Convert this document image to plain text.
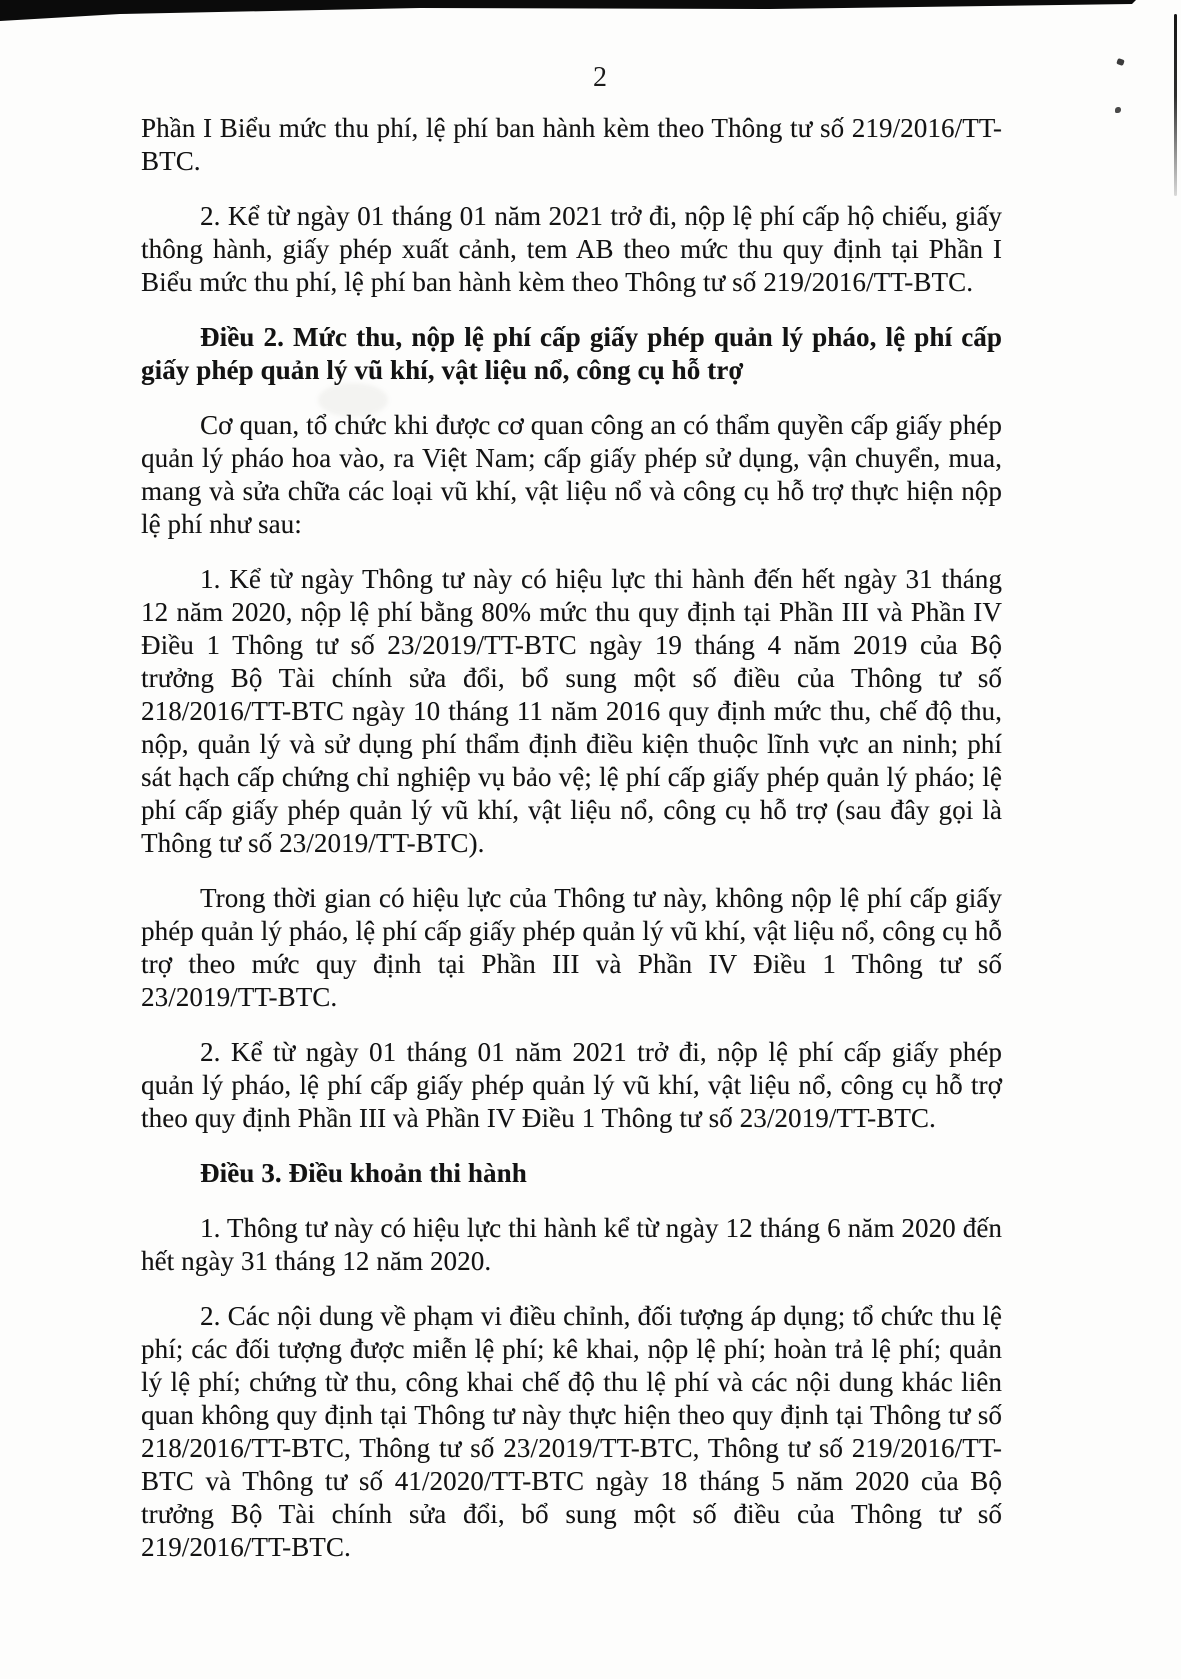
2

Phần I Biểu mức thu phí, lệ phí ban hành kèm theo Thông tư số 219/2016/TT-BTC.

2. Kể từ ngày 01 tháng 01 năm 2021 trở đi, nộp lệ phí cấp hộ chiếu, giấy thông hành, giấy phép xuất cảnh, tem AB theo mức thu quy định tại Phần I Biểu mức thu phí, lệ phí ban hành kèm theo Thông tư số 219/2016/TT-BTC.

Điều 2. Mức thu, nộp lệ phí cấp giấy phép quản lý pháo, lệ phí cấp giấy phép quản lý vũ khí, vật liệu nổ, công cụ hỗ trợ

Cơ quan, tổ chức khi được cơ quan công an có thẩm quyền cấp giấy phép quản lý pháo hoa vào, ra Việt Nam; cấp giấy phép sử dụng, vận chuyển, mua, mang và sửa chữa các loại vũ khí, vật liệu nổ và công cụ hỗ trợ thực hiện nộp lệ phí như sau:

1. Kể từ ngày Thông tư này có hiệu lực thi hành đến hết ngày 31 tháng 12 năm 2020, nộp lệ phí bằng 80% mức thu quy định tại Phần III và Phần IV Điều 1 Thông tư số 23/2019/TT-BTC ngày 19 tháng 4 năm 2019 của Bộ trưởng Bộ Tài chính sửa đổi, bổ sung một số điều của Thông tư số 218/2016/TT-BTC ngày 10 tháng 11 năm 2016 quy định mức thu, chế độ thu, nộp, quản lý và sử dụng phí thẩm định điều kiện thuộc lĩnh vực an ninh; phí sát hạch cấp chứng chỉ nghiệp vụ bảo vệ; lệ phí cấp giấy phép quản lý pháo; lệ phí cấp giấy phép quản lý vũ khí, vật liệu nổ, công cụ hỗ trợ (sau đây gọi là Thông tư số 23/2019/TT-BTC).

Trong thời gian có hiệu lực của Thông tư này, không nộp lệ phí cấp giấy phép quản lý pháo, lệ phí cấp giấy phép quản lý vũ khí, vật liệu nổ, công cụ hỗ trợ theo mức quy định tại Phần III và Phần IV Điều 1 Thông tư số 23/2019/TT-BTC.

2. Kể từ ngày 01 tháng 01 năm 2021 trở đi, nộp lệ phí cấp giấy phép quản lý pháo, lệ phí cấp giấy phép quản lý vũ khí, vật liệu nổ, công cụ hỗ trợ theo quy định Phần III và Phần IV Điều 1 Thông tư số 23/2019/TT-BTC.

Điều 3. Điều khoản thi hành

1. Thông tư này có hiệu lực thi hành kể từ ngày 12 tháng 6 năm 2020 đến hết ngày 31 tháng 12 năm 2020.

2. Các nội dung về phạm vi điều chỉnh, đối tượng áp dụng; tổ chức thu lệ phí; các đối tượng được miễn lệ phí; kê khai, nộp lệ phí; hoàn trả lệ phí; quản lý lệ phí; chứng từ thu, công khai chế độ thu lệ phí và các nội dung khác liên quan không quy định tại Thông tư này thực hiện theo quy định tại Thông tư số 218/2016/TT-BTC, Thông tư số 23/2019/TT-BTC, Thông tư số 219/2016/TT-BTC và Thông tư số 41/2020/TT-BTC ngày 18 tháng 5 năm 2020 của Bộ trưởng Bộ Tài chính sửa đổi, bổ sung một số điều của Thông tư số 219/2016/TT-BTC.
